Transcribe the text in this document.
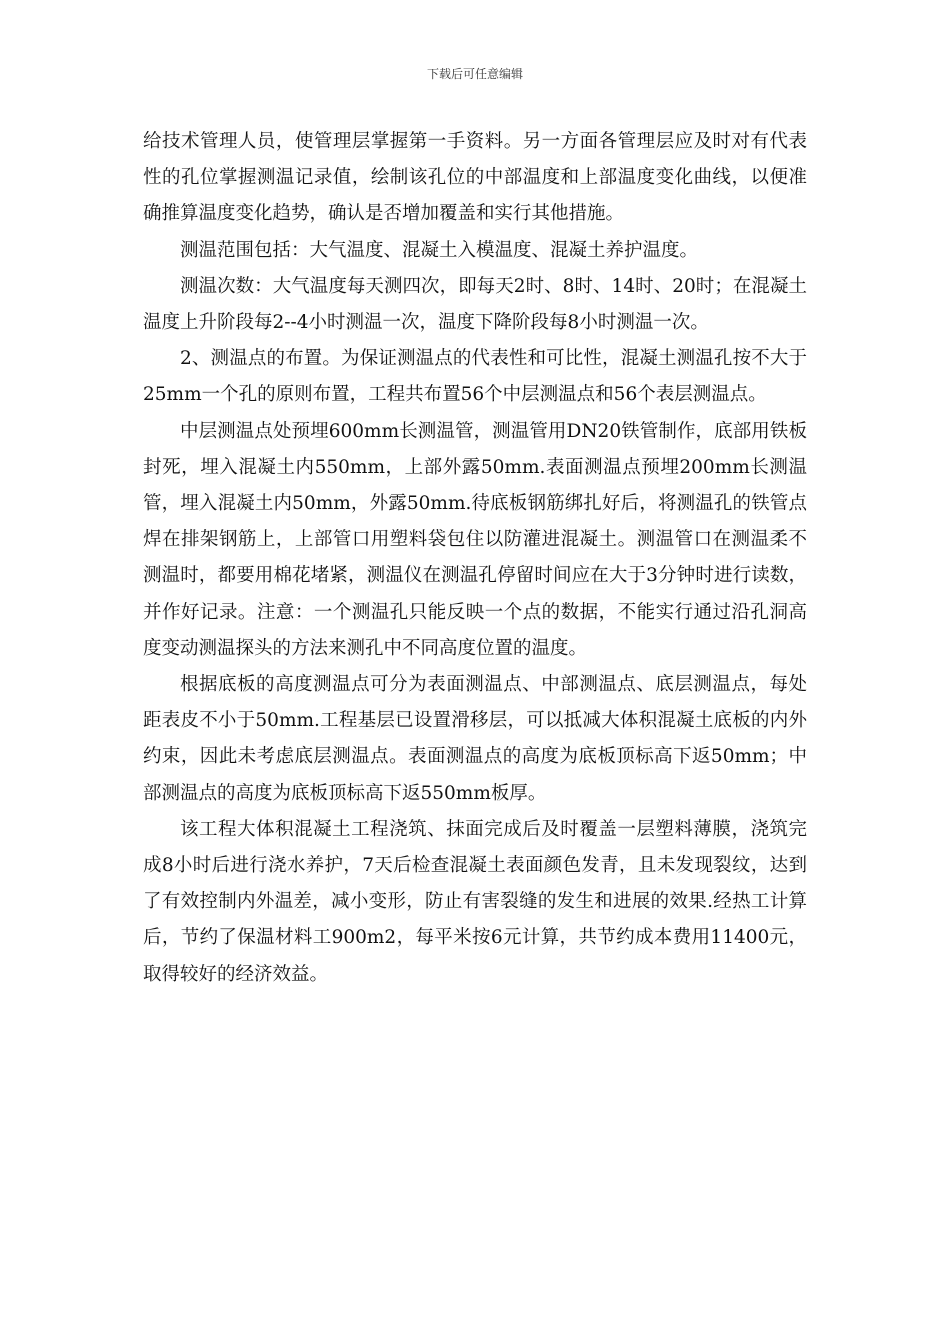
下载后可任意编辑

给技术管理人员，使管理层掌握第一手资料。另一方面各管理层应及时对有代表性的孔位掌握测温记录值，绘制该孔位的中部温度和上部温度变化曲线，以便准确推算温度变化趋势，确认是否增加覆盖和实行其他措施。

测温范围包括：大气温度、混凝土入模温度、混凝土养护温度。

测温次数：大气温度每天测四次，即每天2时、8时、14时、20时；在混凝土温度上升阶段每2--4小时测温一次，温度下降阶段每8小时测温一次。

2、测温点的布置。为保证测温点的代表性和可比性，混凝土测温孔按不大于25mm一个孔的原则布置，工程共布置56个中层测温点和56个表层测温点。

中层测温点处预埋600mm长测温管，测温管用DN20铁管制作，底部用铁板封死，埋入混凝土内550mm，上部外露50mm.表面测温点预埋200mm长测温管，埋入混凝土内50mm，外露50mm.待底板钢筋绑扎好后，将测温孔的铁管点焊在排架钢筋上，上部管口用塑料袋包住以防灌进混凝土。测温管口在测温柔不测温时，都要用棉花堵紧，测温仪在测温孔停留时间应在大于3分钟时进行读数，并作好记录。注意：一个测温孔只能反映一个点的数据，不能实行通过沿孔洞高度变动测温探头的方法来测孔中不同高度位置的温度。

根据底板的高度测温点可分为表面测温点、中部测温点、底层测温点，每处距表皮不小于50mm.工程基层已设置滑移层，可以抵减大体积混凝土底板的内外约束，因此未考虑底层测温点。表面测温点的高度为底板顶标高下返50mm；中部测温点的高度为底板顶标高下返550mm板厚。

该工程大体积混凝土工程浇筑、抹面完成后及时覆盖一层塑料薄膜，浇筑完成8小时后进行浇水养护，7天后检查混凝土表面颜色发青，且未发现裂纹，达到了有效控制内外温差，减小变形，防止有害裂缝的发生和进展的效果.经热工计算后，节约了保温材料工900m2，每平米按6元计算，共节约成本费用11400元，取得较好的经济效益。
